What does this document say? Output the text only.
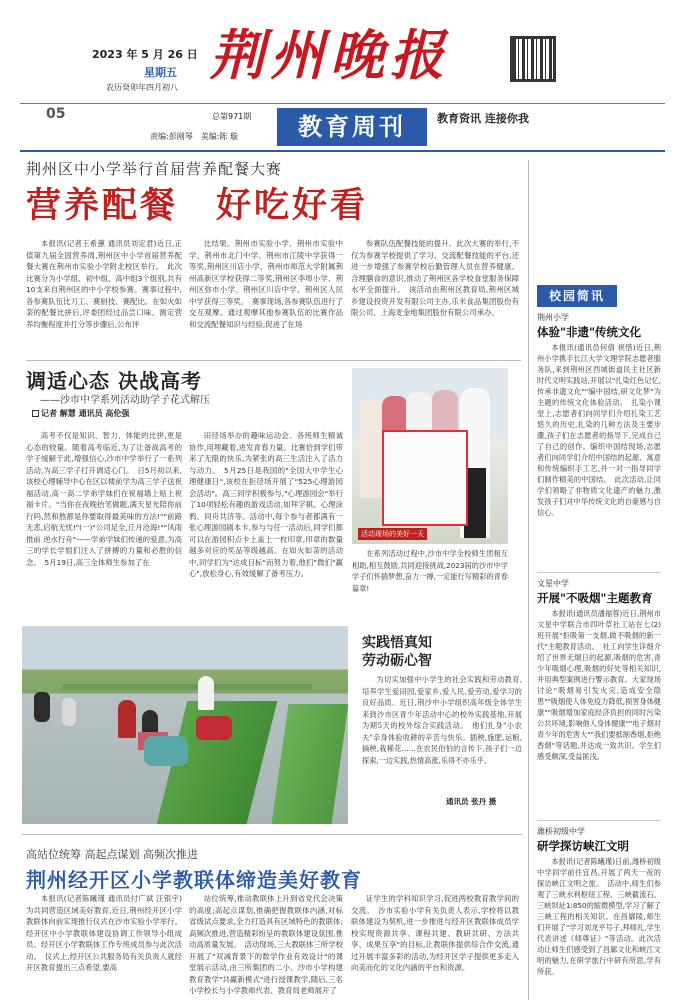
2023 年 5 月 26 日
星期五
农历癸卯年四月初八
荆州晚报
05	总第971期
责编:彭刚琴　美编:陈 璇	教育周刊	教育资讯 连接你我
荆州区中小学举行首届营养配餐大赛
营养配餐　好吃好看

本报讯(记者王希蕙 通讯员刘定君)近日,正值第九届全国营养周,荆州区中小学首届营养配餐大赛在荆州市实验小学附北校区举行。　此次比赛分为小学组、初中组、高中组3个组别,共有10支来自荆州区的中小学校参赛。赛事过程中,各参赛队伍比刀工、赛厨技、赛配比。在如火如荼的配餐比拼后,评委团经过品尝口味、测定营养均衡程度并打分等步骤后,公布评

比结果。荆州市实验小学、荆州市实验中学、荆州市北门中学、荆州市江陵中学获得一等奖,荆州区川店小学、荆州市师范大学附属荆州高新区学校获得二等奖,荆州区李埠小学、荆州区弥市小学、荆州区川店中学、荆州区人民中学获得三等奖。　赛事现场,各参赛队伍进行了交互观摩。通过观摩其他参赛队伍的比赛作品和交流配餐知识与经验,促进了在场

参赛队伍配餐技能的提升。此次大赛的举行,不仅为参赛学校提供了学习、交流配餐技能的平台,还进一步增强了参赛学校后勤管理人员在营养健康、合理膳食的意识,推动了荆州区各学校食堂服务保障水平全面提升。　该活动由荆州区教育局,荆州区城乡建设投资开发有限公司主办,乐米食品集团股份有限公司、上海麦金地集团股份有限公司承办。

调适心态 决战高考
——沙市中学系列活动助学子花式解压
记者 解慧 通讯员 高伦强

高考不仅是知识、智力、体能的比拼,更是心态的较量。随着高考临近,为了让备战高考的学子缓解于此,增强信心,沙市中学举行了一系列活动,为高三学子打开调适心门。　日5月初以来,该校心理辅导中心在区以楼前学为高三学子送祝福活动,高一高二学弟学妹们在祝福墙上贴上祝福卡片。"当你在夜晚抬笔做题,满天星光陪你前行吗,然和熬都是你要取得最美味的方法!""前路无悲,启航无忧!"(一)"公司足全,丘月沧海!""风雨推前 逆水行舟"——学弟学妹们传递的爱意,为高三的学长学姐们注入了拼搏的力量和必胜的信念。　5月19日,高三全体师生参加了在

田径场举办的趣味运动会。各班师生精诚协作,用埋藏着,进发青春力量。比赛恰到学们带来了无限的快乐,为紧张的高三生活注入了活力与动力。　5月25日是我国的"全国大中学生心理健康日",该校在拒径场开展了"525心理游园会活动"。高三同学积极参与,"心理游园会"举行了10项轻松有趣的游戏活动,如拜字棋、心理涂鸦、同舟共济等。活动中,每个参与者都满有一张心理游园剧本卡,参与与任一活动后,同学们都可以在游园积点卡上盖上一枚印章,印章的数量越多对应的奖品等级越高。在如火如荼的活动中,同学们为"达成目标"而努力着,他们"微们"赢心",放松身心,有效缓解了备考压力。

活动现场的美好一天

在系列活动过程中,沙市中学全校师生团相互相助,相互鼓励,共同迎接挑战,2023届的沙市中学学子们怀揣梦想,奋力一搏,一定能行写精彩的青春篇章!

实践悟真知
劳动砺心智

为切实加强中小学生的社会实践和劳动教育,培养学生爱田园,爱家乡,爱人民,爱劳动,爱学习的良好品质。近日,荆沙中小学组织高年级全体学生来到沙市区青少年活动中心的校外实践基地,开展为期5天的校外综合实践活动。　他们扎身"小农夫"亲身体验收耕的辛苦与快乐。插秧,施肥,运粮,摘秧,栽稀花……在农民伯伯的言传下,孩子们一边探索,一边实践,热情高涨,乐得不亦乐乎。

通讯员 张丹 摄
高站位统筹 高起点谋划 高频次推进
荆州经开区小学教联体缔造美好教育

本报讯(记者陈曦瑾 通讯员付广斌 汪银宇)为共同营造区域美好教育,近日,荆州经开区小学教联体向前实现推行仪式在沙市实验小学举行。经开区中小学教联体建设协调工作领导小组成员、经开区小学教联体工作专班成员参与此次活动。　仪式上,经开区公共服务局有关负责人就经开区教育提出三点希望,要高

站位统筹,推动教联体上升到省党代会决策的高度;高起点谋划,推确把握教联体内涵,对标省级试点要求,全力打造具有区域特色的教联体;高频次推进,营造精彩纷呈的教联体建设氛围,推动高质量发展。　活动现场,三大教联体三所学校开展了"双减背景下的数学作业有效设计"的课堂展示活动,由三所集团的二小、沙市小学构建教育教学"共赢新模式"进行授课教学,随后,三名小学校长与小学教师代表、教育局老师展开了

证学生的学科知识学习,促进两校教育教学间的交流。　沙市实验小学有关负责人表示,学校将以教联体建设为契机,进一步推进与经开区教联体成员学校实现资源共享、课程共建、教研共研、方法共享、成果互享"的目标,让教联体提供综合作交流,通过开展丰富多彩的活动,为经开区学子提供更多走入向美而化的文化内涵的平台和资源。

校园简讯
荆州小学
体验"非遗"传统文化

本报讯(通讯员何倩 祝惜)近日,荆州小学携手长江大学文理学院志愿者服务队,来到荆州区西城街道民主社区新时代文明实践站,开展以"扎染红色记忆,传承非遗文化""编中国结,研文化梦"为主题的传统文化体验活动。　扎染小课堂上,志愿者们向同学们介绍扎染工艺悠久的历史,扎染的几种方法及主要步骤,孩子们在志愿者的指导下,完成自己了自己的创作。编织中国结现场,志愿者们向同学们介绍中国结的起源、寓意和传统编织手工艺,并一对一指导同学们制作精美的中国结。　此次活动,让同学们领略了非物质文化遗产的魅力,激发孩子们对中华传统文化的自豪感与自信心。

文星中学
开展"不吸烟"主题教育

本报讯(通讯员潘福蓉)近日,荆州市文星中学联合市四叶草社工站在七(2)班开展"拒吸第一支烟,做不吸烟的新一代"主题教育活动。　社工向学生详细介绍了世界无烟日的起源,吸烟的危害,青少年吸烟心理,吸烟的好处等相关知识,并用典型案例进行警示教育。大家现场讨论"吸烟易引发火灾,造成安全隐患""吸烟使人体免疫力降低,损害身体健康""吸烟增加家庭经济负担的同时污染公共环境,影响他人身体健康""电子烟对青少年的危害大""我们要抵制香烟,拒绝香烟"等话题,并达成一致共识。学生们感受颇深,受益匪浅。

潍桥初级中学
研学探访峡江文明

本报讯(记者陈曦瑾)日前,潍桥初级中学同学前往宜昌,开展了两天一夜的探访峡江文明之旅。　活动中,师生们参观了三峡水利枢纽工程、三峡截流石、三峡坝址1:850的缩微模型,学习了解了三峡工程的相关知识。在昌廓陵,师生们开展了"学习刘龙平号子,拜师礼,学生代表讲述《师尊证》"等活动。此次活动让师生们感受到了昌廓文化和峡江文明的魅力,在研学旅行中研有所思,学有所获。
